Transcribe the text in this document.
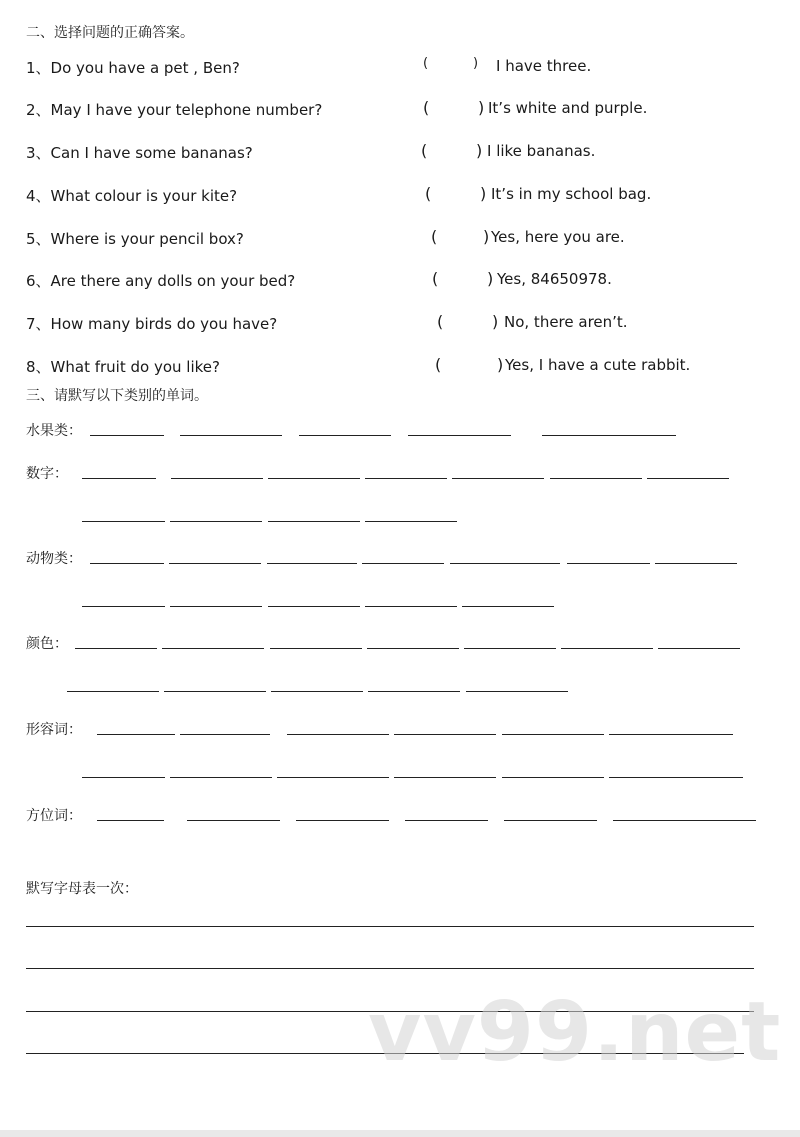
二、选择问题的正确答案。
1、Do you have a pet , Ben?	(	) I have three.
2、May I have your telephone number?	(	) It’s white and purple.
3、Can I have some bananas?	(	) I like bananas.
4、What colour is your kite?	(	) It’s in my school bag.
5、Where is your pencil box?	(	) Yes, here you are.
6、Are there any dolls on your bed?	(	) Yes, 84650978.
7、How many birds do you have?	(	) No, there aren’t.
8、What fruit do you like?	(	) Yes, I have a cute rabbit.
三、请默写以下类别的单词。
水果类：
数字：
动物类：
颜色：
形容词：
方位词：
默写字母表一次：
vv99.net
